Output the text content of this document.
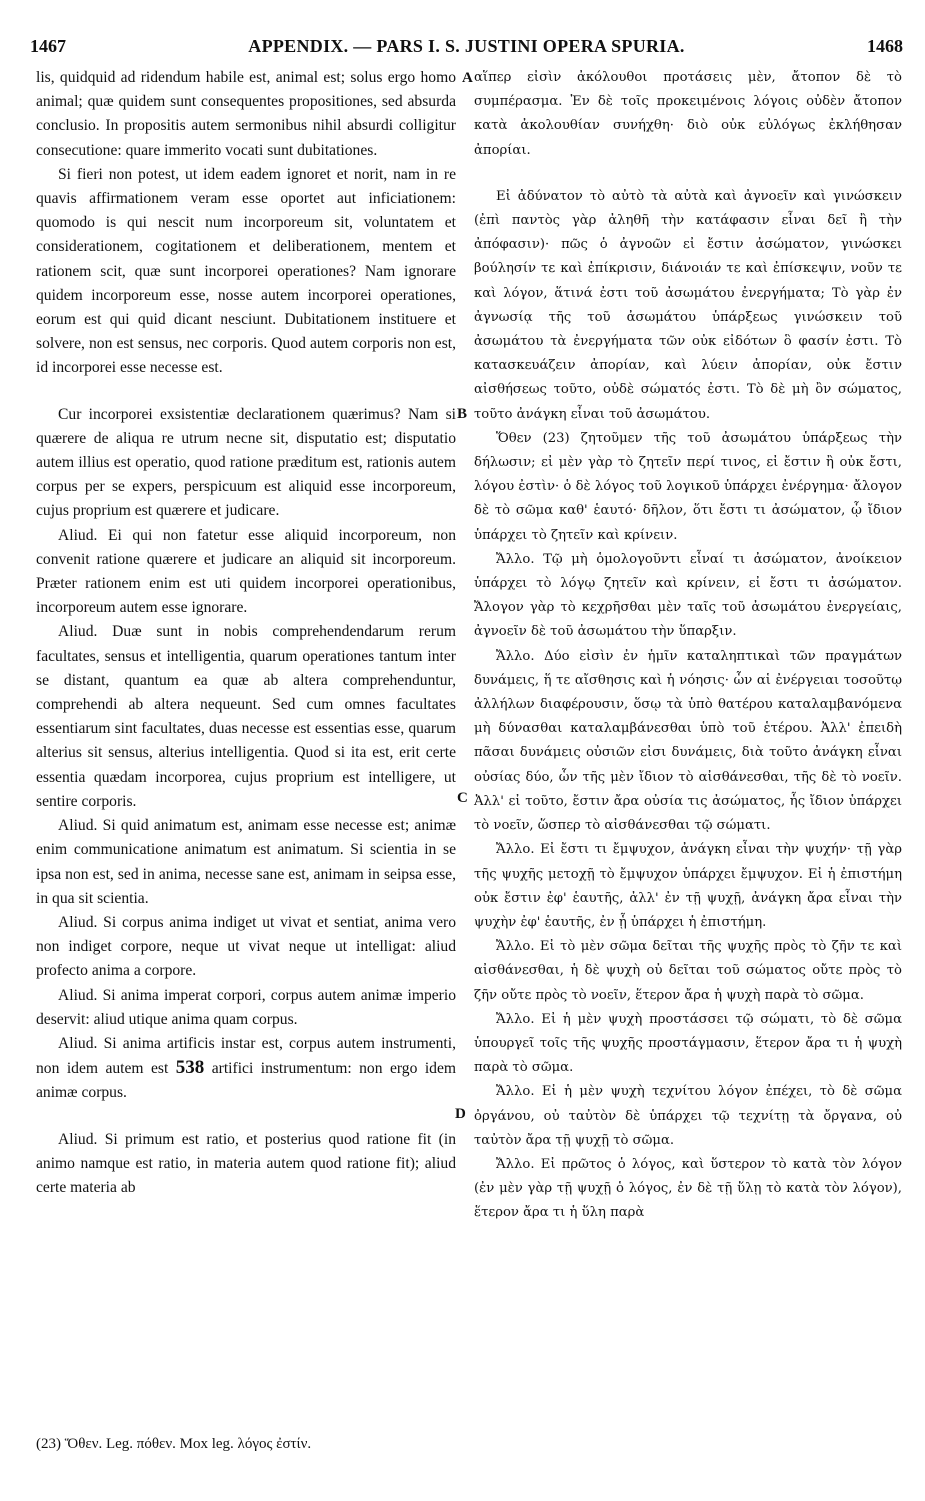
1467	APPENDIX. — PARS I. S. JUSTINI OPERA SPURIA.	1468

lis, quidquid ad ridendum habile est, animal est; solus ergo homo animal; quæ quidem sunt consequentes propositiones, sed absurda conclusio. In propositis autem sermonibus nihil absurdi colligitur consecutione: quare immerito vocati sunt dubitationes.

Si fieri non potest, ut idem eadem ignoret et norit, nam in re quavis affirmationem veram esse oportet aut inficiationem: quomodo is qui nescit num incorporeum sit, voluntatem et considerationem, cogitationem et deliberationem, mentem et rationem scit, quæ sunt incorporei operationes? Nam ignorare quidem incorporeum esse, nosse autem incorporei operationes, eorum est qui quid dicant nesciunt. Dubitationem instituere et solvere, non est sensus, nec corporis. Quod autem corporis non est, id incorporei esse necesse est.

Cur incorporei exsistentiæ declarationem quærimus? Nam si quærere de aliqua re utrum necne sit, disputatio est; disputatio autem illius est operatio, quod ratione præditum est, rationis autem corpus per se expers, perspicuum est aliquid esse incorporeum, cujus proprium est quærere et judicare.

Aliud. Ei qui non fatetur esse aliquid incorporeum, non convenit ratione quærere et judicare an aliquid sit incorporeum. Præter rationem enim est uti quidem incorporei operationibus, incorporeum autem esse ignorare.

Aliud. Duæ sunt in nobis comprehendendarum rerum facultates, sensus et intelligentia, quarum operationes tantum inter se distant, quantum ea quæ ab altera comprehenduntur, comprehendi ab altera nequeunt. Sed cum omnes facultates essentiarum sint facultates, duas necesse est essentias esse, quarum alterius sit sensus, alterius intelligentia. Quod si ita est, erit certe essentia quædam incorporea, cujus proprium est intelligere, ut sentire corporis.

Aliud. Si quid animatum est, animam esse necesse est; animæ enim communicatione animatum est animatum. Si scientia in se ipsa non est, sed in anima, necesse sane est, animam in seipsa esse, in qua sit scientia.

Aliud. Si corpus anima indiget ut vivat et sentiat, anima vero non indiget corpore, neque ut vivat neque ut intelligat: aliud profecto anima a corpore.

Aliud. Si anima imperat corpori, corpus autem animæ imperio deservit: aliud utique anima quam corpus.

Aliud. Si anima artificis instar est, corpus autem instrumenti, non idem autem est 538 artifici instrumentum: non ergo idem animæ corpus.

Aliud. Si primum est ratio, et posterius quod ratione fit (in animo namque est ratio, in materia autem quod ratione fit); aliud certe materia ab

A
B
C
D

αἵπερ εἰσὶν ἀκόλουθοι προτάσεις μὲν, ἄτοπον δὲ τὸ συμπέρασμα. Ἐν δὲ τοῖς προκειμένοις λόγοις οὐδὲν ἄτοπον κατὰ ἀκολουθίαν συνήχθη· διὸ οὐκ εὐλόγως ἐκλήθησαν ἀπορίαι.

Εἰ ἀδύνατον τὸ αὐτὸ τὰ αὐτὰ καὶ ἀγνοεῖν καὶ γινώσκειν (ἐπὶ παντὸς γὰρ ἀληθῆ τὴν κατάφασιν εἶναι δεῖ ἢ τὴν ἀπόφασιν)· πῶς ὁ ἀγνοῶν εἰ ἔστιν ἀσώματον, γινώσκει βούλησίν τε καὶ ἐπίκρισιν, διάνοιάν τε καὶ ἐπίσκεψιν, νοῦν τε καὶ λόγον, ἅτινά ἐστι τοῦ ἀσωμάτου ἐνεργήματα; Τὸ γὰρ ἐν ἀγνωσίᾳ τῆς τοῦ ἀσωμάτου ὑπάρξεως γινώσκειν τοῦ ἀσωμάτου τὰ ἐνεργήματα τῶν οὐκ εἰδότων ὃ φασίν ἐστι. Τὸ κατασκευάζειν ἀπορίαν, καὶ λύειν ἀπορίαν, οὐκ ἔστιν αἰσθήσεως τοῦτο, οὐδὲ σώματός ἐστι. Τὸ δὲ μὴ ὂν σώματος, τοῦτο ἀνάγκη εἶναι τοῦ ἀσωμάτου.

Ὅθεν (23) ζητοῦμεν τῆς τοῦ ἀσωμάτου ὑπάρξεως τὴν δήλωσιν; εἰ μὲν γὰρ τὸ ζητεῖν περί τινος, εἰ ἔστιν ἢ οὐκ ἔστι, λόγου ἐστὶν· ὁ δὲ λόγος τοῦ λογικοῦ ὑπάρχει ἐνέργημα· ἄλογον δὲ τὸ σῶμα καθ' ἑαυτό· δῆλον, ὅτι ἔστι τι ἀσώματον, ᾧ ἴδιον ὑπάρχει τὸ ζητεῖν καὶ κρίνειν.

Ἄλλο. Τῷ μὴ ὁμολογοῦντι εἶναί τι ἀσώματον, ἀνοίκειον ὑπάρχει τὸ λόγῳ ζητεῖν καὶ κρίνειν, εἰ ἔστι τι ἀσώματον. Ἄλογον γὰρ τὸ κεχρῆσθαι μὲν ταῖς τοῦ ἀσωμάτου ἐνεργείαις, ἀγνοεῖν δὲ τοῦ ἀσωμάτου τὴν ὕπαρξιν.

Ἄλλο. Δύο εἰσὶν ἐν ἡμῖν καταληπτικαὶ τῶν πραγμάτων δυνάμεις, ἥ τε αἴσθησις καὶ ἡ νόησις· ὧν αἱ ἐνέργειαι τοσοῦτῳ ἀλλήλων διαφέρουσιν, ὅσῳ τὰ ὑπὸ θατέρου καταλαμβανόμενα μὴ δύνασθαι καταλαμβάνεσθαι ὑπὸ τοῦ ἑτέρου. Ἀλλ' ἐπειδὴ πᾶσαι δυνάμεις οὐσιῶν εἰσι δυνάμεις, διὰ τοῦτο ἀνάγκη εἶναι οὐσίας δύο, ὧν τῆς μὲν ἴδιον τὸ αἰσθάνεσθαι, τῆς δὲ τὸ νοεῖν. Ἀλλ' εἰ τοῦτο, ἔστιν ἄρα οὐσία τις ἀσώματος, ἧς ἴδιον ὑπάρχει τὸ νοεῖν, ὥσπερ τὸ αἰσθάνεσθαι τῷ σώματι.

Ἄλλο. Εἰ ἔστι τι ἔμψυχον, ἀνάγκη εἶναι τὴν ψυχήν· τῇ γὰρ τῆς ψυχῆς μετοχῇ τὸ ἔμψυχον ὑπάρχει ἔμψυχον. Εἰ ἡ ἐπιστήμη οὐκ ἔστιν ἐφ' ἑαυτῆς, ἀλλ' ἐν τῇ ψυχῇ, ἀνάγκη ἄρα εἶναι τὴν ψυχὴν ἐφ' ἑαυτῆς, ἐν ᾗ ὑπάρχει ἡ ἐπιστήμη.

Ἄλλο. Εἰ τὸ μὲν σῶμα δεῖται τῆς ψυχῆς πρὸς τὸ ζῆν τε καὶ αἰσθάνεσθαι, ἡ δὲ ψυχὴ οὐ δεῖται τοῦ σώματος οὔτε πρὸς τὸ ζῆν οὔτε πρὸς τὸ νοεῖν, ἕτερον ἄρα ἡ ψυχὴ παρὰ τὸ σῶμα.

Ἄλλο. Εἰ ἡ μὲν ψυχὴ προστάσσει τῷ σώματι, τὸ δὲ σῶμα ὑπουργεῖ τοῖς τῆς ψυχῆς προστάγμασιν, ἕτερον ἄρα τι ἡ ψυχὴ παρὰ τὸ σῶμα.

Ἄλλο. Εἰ ἡ μὲν ψυχὴ τεχνίτου λόγον ἐπέχει, τὸ δὲ σῶμα ὀργάνου, οὐ ταὐτὸν δὲ ὑπάρχει τῷ τεχνίτῃ τὰ ὄργανα, οὐ ταὐτὸν ἄρα τῇ ψυχῇ τὸ σῶμα.

Ἄλλο. Εἰ πρῶτος ὁ λόγος, καὶ ὕστερον τὸ κατὰ τὸν λόγον (ἐν μὲν γὰρ τῇ ψυχῇ ὁ λόγος, ἐν δὲ τῇ ὕλῃ τὸ κατὰ τὸν λόγον), ἕτερον ἄρα τι ἡ ὕλη παρὰ

(23) Ὅθεν. Leg. πόθεν. Mox leg. λόγος ἐστίν.
